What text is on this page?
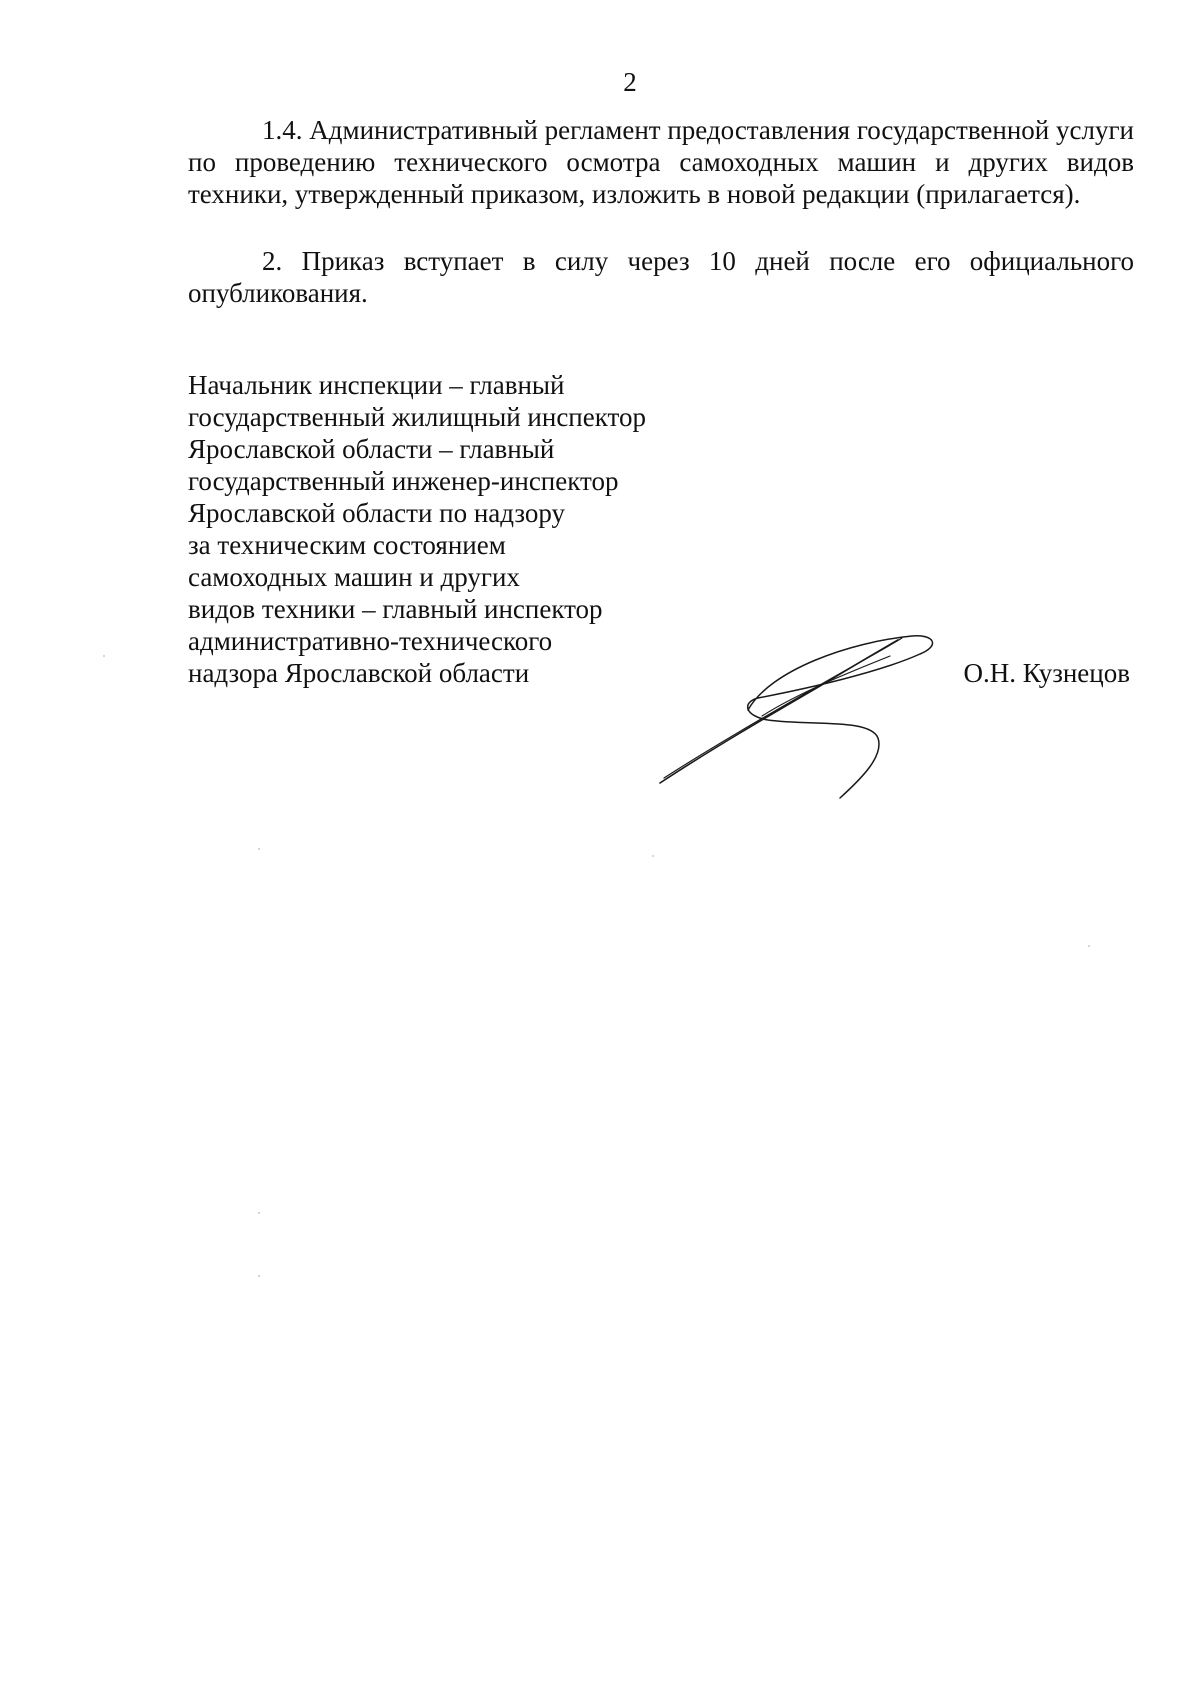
2

1.4. Административный регламент предоставления государственной услуги по проведению технического осмотра самоходных машин и других видов техники, утвержденный приказом, изложить в новой редакции (прилагается).

2. Приказ вступает в силу через 10 дней после его официального опубликования.

Начальник инспекции – главный
государственный жилищный инспектор
Ярославской области – главный
государственный инженер-инспектор
Ярославской области по надзору
за техническим состоянием
самоходных машин и других
видов техники – главный инспектор
административно-технического
надзора Ярославской области	О.Н. Кузнецов
